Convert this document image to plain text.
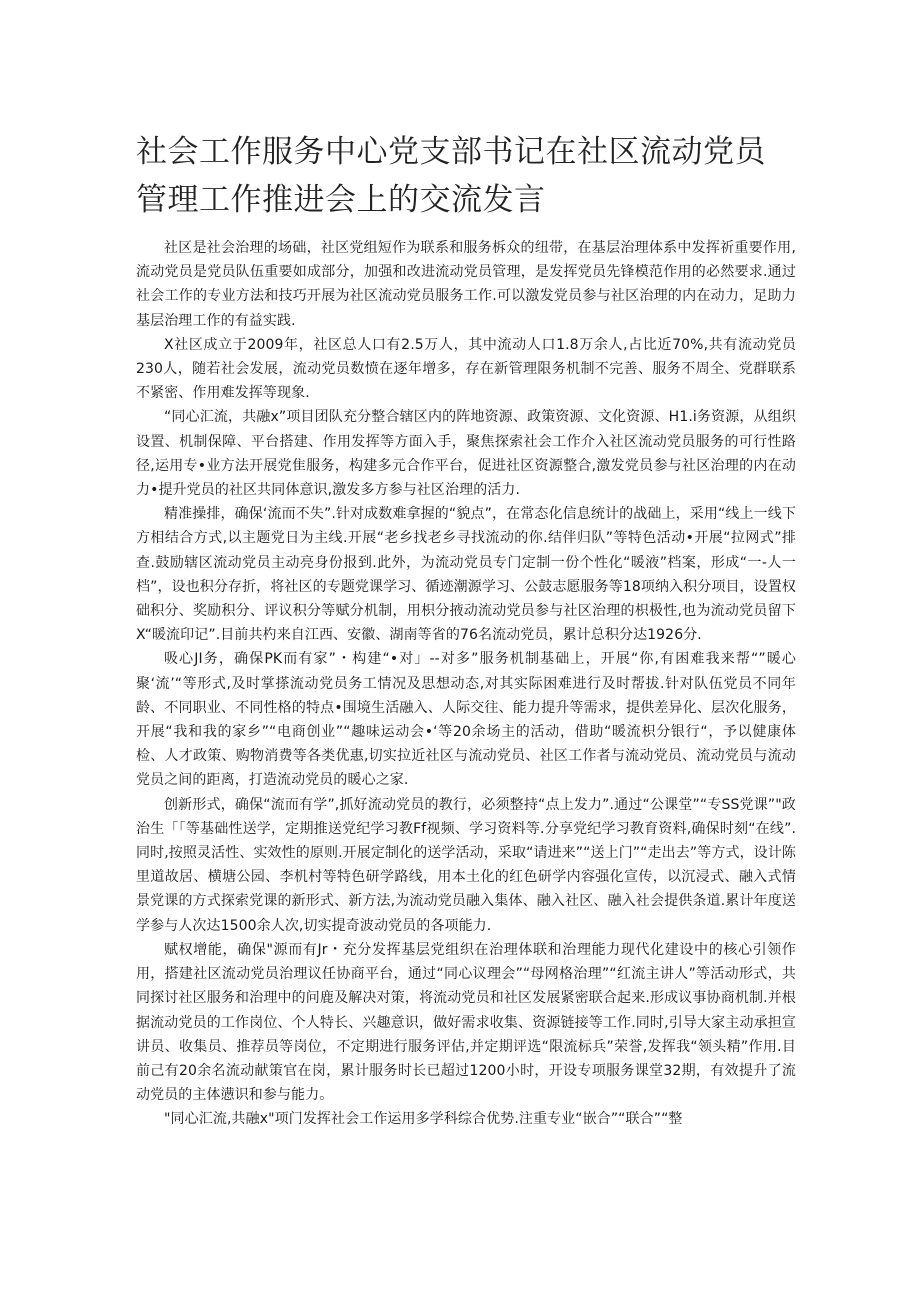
社会工作服务中心党支部书记在社区流动党员管理工作推进会上的交流发言

社区是社会治理的场础，社区党组短作为联系和服务柝众的纽带，在基层治理体系中发挥祈重要作用,流动党员是党员队伍重要如成部分，加强和改进流动党员管理，是发挥党员先锋模范作用的必然要求.通过社会工作的专业方法和技巧开展为社区流动党员服务工作.可以激发党员参与社区治理的内在动力，足助力基层治理工作的有益实践.

X社区成立于2009年，社区总人口有2.5万人，其中流动人口1.8万余人,占比近70%,共有流动党员230人，随若社会发展，流动党员数愤在逐年增多，存在新管理限务机制不完善、服务不周全、党群联系不紧密、作用难发挥等现象.

“同心汇流，共融x”项目团队充分整合辖区内的阵地资源、政策资源、文化资源、H1.i务资源，从组织设置、机制保障、平台搭建、作用发挥等方面入手，聚焦探索社会工作介入社区流动党员服务的可行性路径,运用专•业方法开展党隹服务，构建多元合作平台，促进社区资源整合,激发党员参与社区治理的内在动力•提升党员的社区共同体意识,激发多方参与社区治理的活力.

精准操排，确保‘流而不失”.针对成数难拿握的“貌点”，在常态化信息统计的战础上，采用“线上一线下方相结合方式,以主题党日为主线.开展“老乡找老乡寻找流动的你.结伴归队”等特色活动•开展“拉网式”排查.鼓励辖区流动党员主动亮身份报到.此外，为流动党员专门定制一份个性化“暖液”档案，形成“一-人一档”，设也积分存折，将社区的专题党课学习、循迹潮源学习、公鼓志愿服务等18项纳入积分项目，设置权础积分、奖励积分、评议积分等赋分机制，用枳分掖动流动党员参与社区治理的枳极性,也为流动党员留下X“暖流印记”.目前共杓来自江西、安徽、湖南等省的76名流动党员，累计总积分达1926分.

吸心JI务，确保PK而有家”・构建“•对」--对多”服务机制基础上，开展“你,有困难我来帮“”暖心聚‘流’“等形式,及时掌搽流动党员务工情况及思想动态,对其实际困难进行及时帮拔.针对队伍党员不同年龄、不同职业、不同性格的特点•围境生活融入、人际交往、能力提升等需求，提供差异化、层次化服务，开展“我和我的家乡”“电商创业”“趣味运动会•‘等20余场主的活动，借助“暖流枳分银行“，予以健康体检、人才政策、购物消费等各类优惠,切实拉近社区与流动党员、社区工作者与流动党员、流动党员与流动党员之间的距离，打造流动党员的暖心之家.

创新形式，确保“流而有学”,抓好流动党员的教行，必须整持“点上发力”.通过“公课堂”“专SS党课”"政治生「「等基础性送学，定期推送党纪学习教Ff视频、学习资料等.分享党纪学习教育资料,确保时刻“在线”.同时,按照灵活性、实效性的原则.开展定制化的送学活动，采取“请进来”“送上门”“走出去”等方式，设计陈里道故居、横塘公园、李机村等特色研学路线，用本土化的红色研学内容强化宣传，以沉浸式、融入式情景党课的方式探索党课的新形式、新方法,为流动党员融入集体、融入社区、融入社会提供条道.累计年度送学参与人次达1500余人次,切实提奇波动党员的各项能力.

赋权增能，确保"源而有Jr・充分发挥基层党组织在治理体联和治理能力现代化建设中的核心引领作用，搭建社区流动党员治理议任协商平台，通过“同心议理会”“母网格治理”“红流主讲人”等活动形式，共同探讨社区服务和治理中的问鹿及解决对策，将流动党员和社区发展紧密联合起来.形成议事协商机制.并根据流动党员的工作岗位、个人特长、兴趣意识，做好需求收集、资源链接等工作.同时,引导大家主动承担宣讲员、收集员、推荐员等岗位，不定期进行服务评估,并定期评选“限流标兵”荣誉,发挥我“领头精”作用.目前己有20余名流动献策官在岗，累计服务时长已超过1200小时，开设专项服务课堂32期，有效提升了流动党员的主体懑识和参与能力。

"同心汇流,共融x"项门发挥社会工作运用多学科综合优势.注重专业“嵌合”“联合”“整
